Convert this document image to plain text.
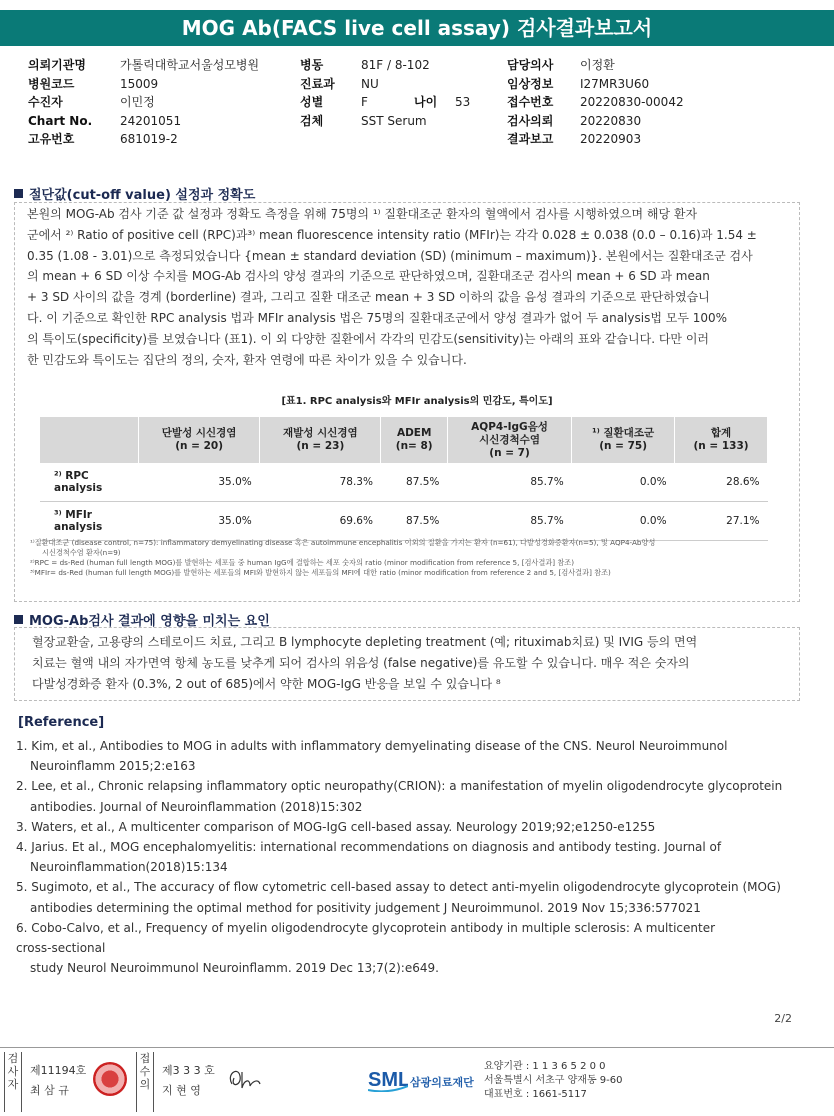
MOG Ab(FACS live cell assay) 검사결과보고서
의뢰기관명	가톨릭대학교서울성모병원
병원코드	15009
수진자	이민정
Chart No. 24201051
고유번호	681019-2
병동	81F / 8-102
진료과 NU
성별	F	나이 53
검체	SST Serum
담당의사 이정환
임상정보 I27MR3U60
접수번호 20220830-00042
검사의뢰 20220830
결과보고 20220903
절단값(cut-off value) 설정과 정확도
본원의 MOG-Ab 검사 기준 값 설정과 정확도 측정을 위해 75명의 ¹⁾ 질환대조군 환자의 혈액에서 검사를 시행하였으며 해당 환자
군에서 ²⁾ Ratio of positive cell (RPC)과³⁾ mean fluorescence intensity ratio (MFIr)는 각각 0.028 ± 0.038 (0.0 – 0.16)과 1.54 ±
0.35 (1.08 - 3.01)으로 측정되었습니다 {mean ± standard deviation (SD) (minimum – maximum)}. 본원에서는 질환대조군 검사
의 mean + 6 SD 이상 수치를 MOG-Ab 검사의 양성 결과의 기준으로 판단하였으며, 질환대조군 검사의 mean + 6 SD 과 mean
+ 3 SD 사이의 값을 경계 (borderline) 결과, 그리고 질환 대조군 mean + 3 SD 이하의 값을 음성 결과의 기준으로 판단하였습니
다. 이 기준으로 확인한 RPC analysis 법과 MFIr analysis 법은 75명의 질환대조군에서 양성 결과가 없어 두 analysis법 모두 100%
의 특이도(specificity)를 보였습니다 (표1). 이 외 다양한 질환에서 각각의 민감도(sensitivity)는 아래의 표와 같습니다. 다만 이러
한 민감도와 특이도는 집단의 정의, 숫자, 환자 연령에 따른 차이가 있을 수 있습니다.
[표1. RPC analysis와 MFIr analysis의 민감도, 특이도]
	단발성 시신경염
(n = 20)	재발성 시신경염
(n = 23)	ADEM
(n= 8)	AQP4-IgG음성
시신경척수염
(n = 7)	¹⁾ 질환대조군
(n = 75)	합계
(n = 133)
²⁾ RPC analysis	35.0%	78.3%	87.5%	85.7%	0.0%	28.6%
³⁾ MFIr analysis	35.0%	69.6%	87.5%	85.7%	0.0%	27.1%
¹⁾질환대조군 (disease control, n=75): inflammatory demyelinating disease 혹은 autoimmune encephalitis 이외의 질환을 가지는 환자 (n=61), 다발성경화증환자(n=5), 및 AQP4-Ab양성
시신경척수염 환자(n=9)
²⁾RPC = ds-Red (human full length MOG)를 발현하는 세포들 중 human IgG에 결합하는 세포 숫자의 ratio (minor modification from reference 5, [검사결과] 참조)
³⁾MFIr= ds-Red (human full length MOG)를 발현하는 세포들의 MFI와 발현하지 않는 세포들의 MFI에 대한 ratio (minor modification from reference 2 and 5, [검사결과] 참조)
MOG-Ab검사 결과에 영향을 미치는 요인
혈장교환술, 고용량의 스테로이드 치료, 그리고 B lymphocyte depleting treatment (예; rituximab치료) 및 IVIG 등의 면역
치료는 혈액 내의 자가면역 항체 농도를 낮추게 되어 검사의 위음성 (false negative)를 유도할 수 있습니다. 매우 적은 숫자의
다발성경화증 환자 (0.3%, 2 out of 685)에서 약한 MOG-IgG 반응을 보일 수 있습니다 ⁸
[Reference]
1. Kim, et al., Antibodies to MOG in adults with inflammatory demyelinating disease of the CNS. Neurol Neuroimmunol
Neuroinflamm 2015;2:e163
2. Lee, et al., Chronic relapsing inflammatory optic neuropathy(CRION): a manifestation of myelin oligodendrocyte glycoprotein
antibodies. Journal of Neuroinflammation (2018)15:302
3. Waters, et al., A multicenter comparison of MOG-IgG cell-based assay. Neurology 2019;92;e1250-e1255
4. Jarius. Et al., MOG encephalomyelitis: international recommendations on diagnosis and antibody testing. Journal of
Neuroinflammation(2018)15:134
5. Sugimoto, et al., The accuracy of flow cytometric cell-based assay to detect anti-myelin oligodendrocyte glycoprotein (MOG)
antibodies determining the optimal method for positivity judgement J Neuroimmunol. 2019 Nov 15;336:577021
6. Cobo-Calvo, et al., Frequency of myelin oligodendrocyte glycoprotein antibody in multiple sclerosis: A multicenter
cross-sectional
study Neurol Neuroimmunol Neuroinflamm. 2019 Dec 13;7(2):e649.
2/2
검사자
제11194호
최 삼 규
접수의
제3 3 3 호
지 현 영	SML 삼광의료재단
요양기관 : 1 1 3 6 5 2 0 0
서울특별시 서초구 양재동 9-60
대표번호 : 1661-5117
